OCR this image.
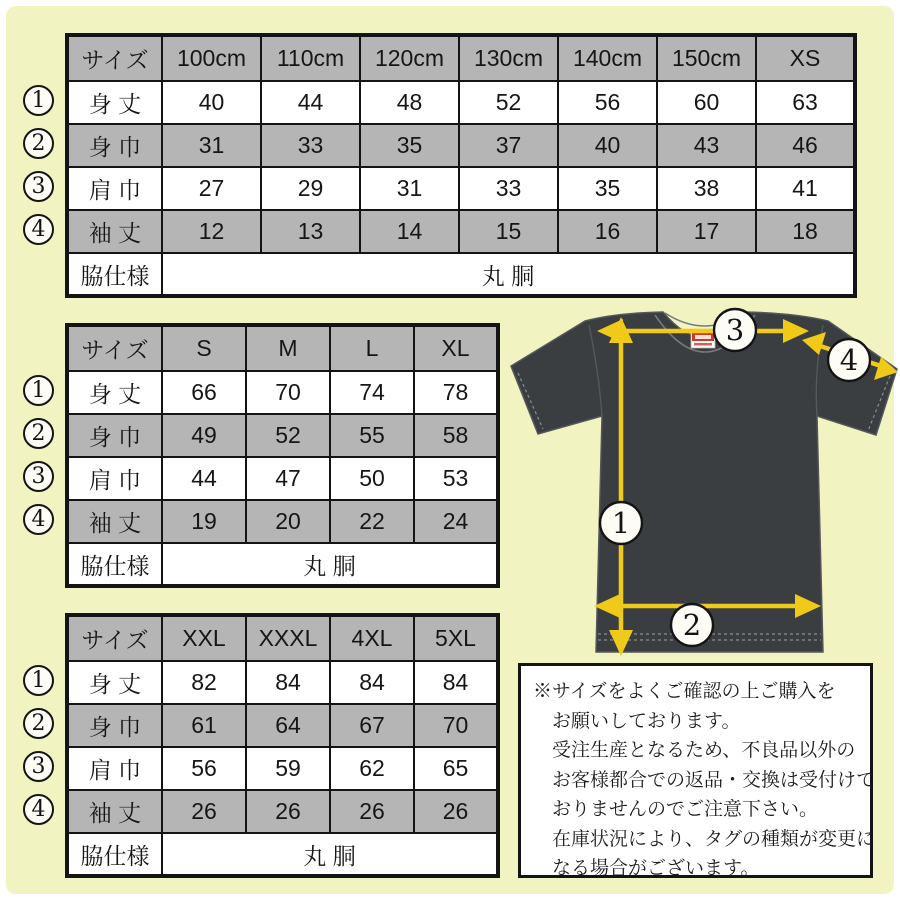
サイズ	100cm	110cm	120cm	130cm	140cm	150cm	XS
身 丈	40	44	48	52	56	60	63
身 巾	31	33	35	37	40	43	46
肩 巾	27	29	31	33	35	38	41
袖 丈	12	13	14	15	16	17	18
脇仕様	丸 胴						
1
2
3
4
サイズ	S	M	L	XL
身 丈	66	70	74	78
身 巾	49	52	55	58
肩 巾	44	47	50	53
袖 丈	19	20	22	24
脇仕様	丸 胴			
1
2
3
4
サイズ	XXL	XXXL	4XL	5XL
身 丈	82	84	84	84
身 巾	61	64	67	70
肩 巾	56	59	62	65
袖 丈	26	26	26	26
脇仕様	丸 胴			
1
2
3
4
1
2
3
4
※サイズをよくご確認の上ご購入を
お願いしております。
受注生産となるため、不良品以外の
お客様都合での返品・交換は受付けて
おりませんのでご注意下さい。
在庫状況により、タグの種類が変更に
なる場合がございます。
